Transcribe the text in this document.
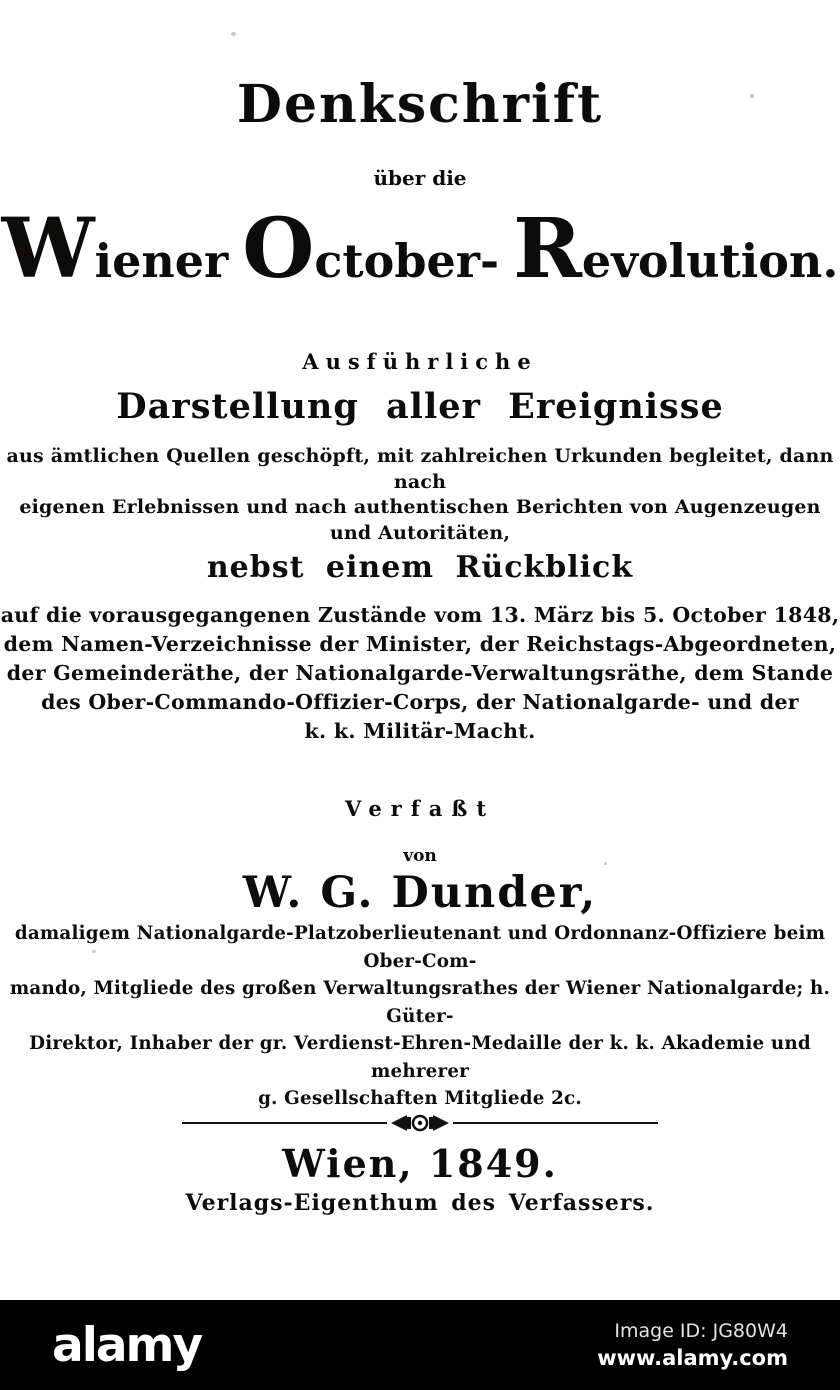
Denkschrift
über die
Wiener October- Revolution.
Ausführliche
Darstellung aller Ereignisse
aus ämtlichen Quellen geschöpft, mit zahlreichen Urkunden begleitet, dann nach
eigenen Erlebnissen und nach authentischen Berichten von Augenzeugen
und Autoritäten,
nebst einem Rückblick
auf die vorausgegangenen Zustände vom 13. März bis 5. October 1848,
dem Namen-Verzeichnisse der Minister, der Reichstags-Abgeordneten,
der Gemeinderäthe, der Nationalgarde-Verwaltungsräthe, dem Stande
des Ober-Commando-Offizier-Corps, der Nationalgarde- und der
k. k. Militär-Macht.
Verfaßt
von
W. G. Dunder,
damaligem Nationalgarde-Platzoberlieutenant und Ordonnanz-Offiziere beim Ober-Com-
mando, Mitgliede des großen Verwaltungsrathes der Wiener Nationalgarde; h. Güter-
Direktor, Inhaber der gr. Verdienst-Ehren-Medaille der k. k. Akademie und mehrerer
g. Gesellschaften Mitgliede 2c.
Wien, 1849.
Verlags-Eigenthum des Verfassers.
alamy	Image ID: JG80W4
www.alamy.com
